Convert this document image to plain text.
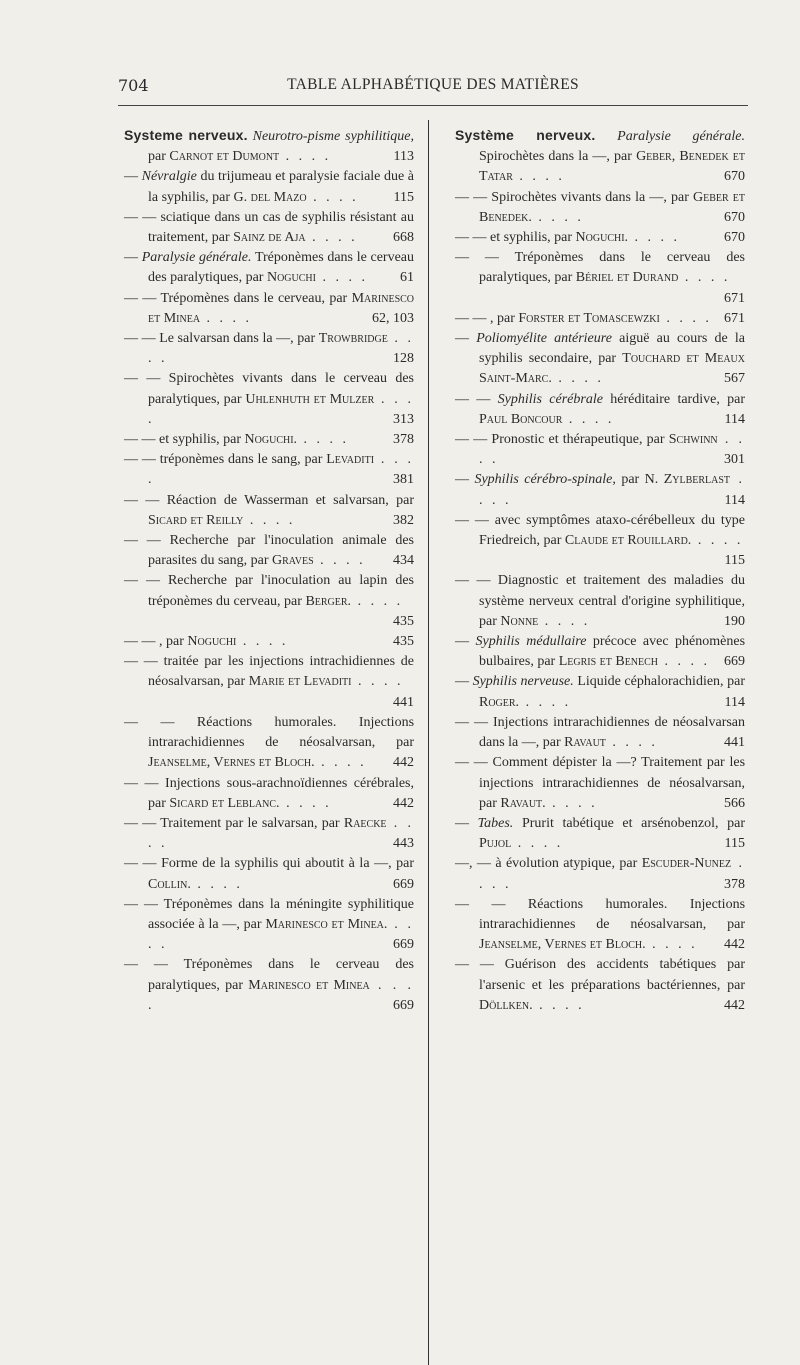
704	TABLE ALPHABÉTIQUE DES MATIÈRES
Systeme nerveux. Neurotro-pisme syphilitique, par Carnot et Dumont . . . .	113
— Névralgie du trijumeau et paralysie faciale due à la syphilis, par G. del Mazo . . . . 115
— — sciatique dans un cas de syphilis résistant au traitement, par Sainz de Aja . . . .	668
— Paralysie générale. Tréponèmes dans le cerveau des paralytiques, par Noguchi . . . . 61
— — Trépomènes dans le cerveau, par Marinesco et Minea . . . .	62, 103
— — Le salvarsan dans la —, par Trowbridge . . . .	128
— — Spirochètes vivants dans le cerveau des paralytiques, par Uhlenhuth et Mulzer . . . .	313
— — et syphilis, par Noguchi. . . . .	378
— — tréponèmes dans le sang, par Levaditi . . . .	381
— — Réaction de Wasserman et salvarsan, par Sicard et Reilly . . . .	382
— — Recherche par l'inoculation animale des parasites du sang, par Graves . . . . 434
— — Recherche par l'inoculation au lapin des tréponèmes du cerveau, par Berger. . . . .
435
— — , par Noguchi . . . .	435
— — traitée par les injections intrachidiennes de néosalvarsan, par Marie et Levaditi . . . .
441
— — Réactions humorales. Injections intrarachidiennes de néosalvarsan, par Jeanselme, Vernes et Bloch. . . . . 442
— — Injections sous-arachnoïdiennes cérébrales, par Sicard et Leblanc. . . . .	442
— — Traitement par le salvarsan, par Raecke . . . .	443
— — Forme de la syphilis qui aboutit à la —, par Collin. . . . .	669
— — Tréponèmes dans la méningite syphilitique associée à la —, par Marinesco et Minea. . . . .	669
— — Tréponèmes dans le cerveau des paralytiques, par Marinesco et Minea . . . .	669
Système nerveux. Paralysie générale. Spirochètes dans la —, par Geber, Benedek et Tatar . . . .	670
— — Spirochètes vivants dans la —, par Geber et Benedek. . . . .	670
— — et syphilis, par Noguchi. . . . .	670
— — Tréponèmes dans le cerveau des paralytiques, par Bériel et Durand . . . .
671
— — , par Forster et Tomascewzki . . . . 671
— Poliomyélite antérieure aiguë au cours de la syphilis secondaire, par Touchard et Meaux Saint-Marc. . . . .	567
— — Syphilis cérébrale héréditaire tardive, par Paul Boncour . . . .	114
— — Pronostic et thérapeutique, par Schwinn . . . .	301
— Syphilis cérébro-spinale, par N. Zylberlast . . . .	114
— — avec symptômes ataxo-cérébelleux du type Friedreich, par Claude et Rouillard. . . . .
115
— — Diagnostic et traitement des maladies du système nerveux central d'origine syphilitique, par Nonne . . . .	190
— Syphilis médullaire précoce avec phénomènes bulbaires, par Legris et Benech . . . . 669
— Syphilis nerveuse. Liquide céphalorachidien, par Roger. . . . .	114
— — Injections intrarachidiennes de néosalvarsan dans la —, par Ravaut . . . .	441
— — Comment dépister la —? Traitement par les injections intrarachidiennes de néosalvarsan, par Ravaut. . . . .	566
— Tabes. Prurit tabétique et arsénobenzol, par Pujol . . . .	115
—, — à évolution atypique, par Escuder-Nunez . . . .	378
— — Réactions humorales. Injections intrarachidiennes de néosalvarsan, par Jeanselme, Vernes et Bloch. . . . . 442
— — Guérison des accidents tabétiques par l'arsenic et les préparations bactériennes, par Döllken. . . . .	442
